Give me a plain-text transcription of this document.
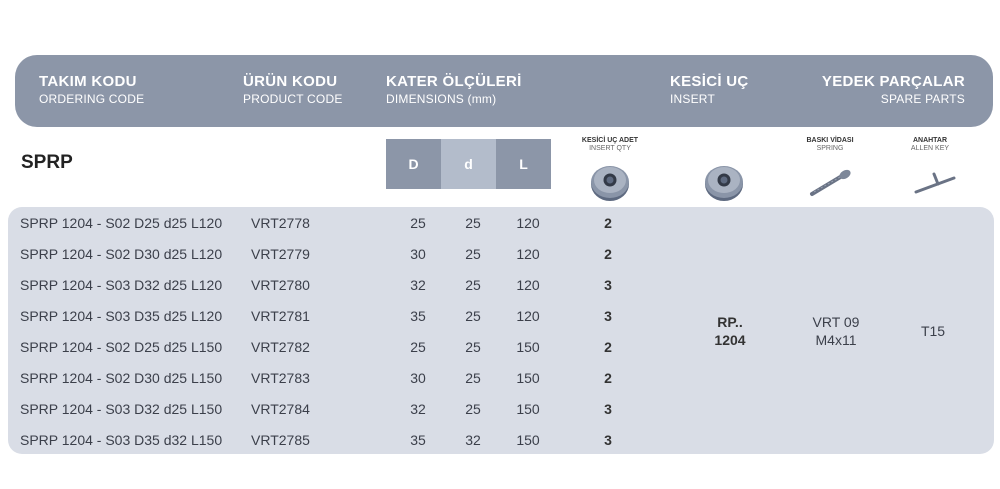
TAKIM KODU
ORDERING CODE
ÜRÜN KODU
PRODUCT CODE
KATER ÖLÇÜLERİ
DIMENSIONS (mm)
KESİCİ UÇ
INSERT
YEDEK PARÇALAR
SPARE PARTS
SPRP	D	d	L
KESİCİ UÇ ADET
INSERT QTY
BASKI VİDASI
SPRING
ANAHTAR
ALLEN KEY
SPRP 1204 - S02 D25 d25 L120 VRT2778	25	25	120	2
SPRP 1204 - S02 D30 d25 L120 VRT2779	30	25	120	2
SPRP 1204 - S03 D32 d25 L120 VRT2780	32	25	120	3
SPRP 1204 - S03 D35 d25 L120 VRT2781	35	25	120	3
SPRP 1204 - S02 D25 d25 L150 VRT2782	25	25	150	2
SPRP 1204 - S02 D30 d25 L150 VRT2783	30	25	150	2
SPRP 1204 - S03 D32 d25 L150 VRT2784	32	25	150	3
SPRP 1204 - S03 D35 d32 L150 VRT2785	35	32	150	3
RP..
1204
VRT 09
M4x11
T15
